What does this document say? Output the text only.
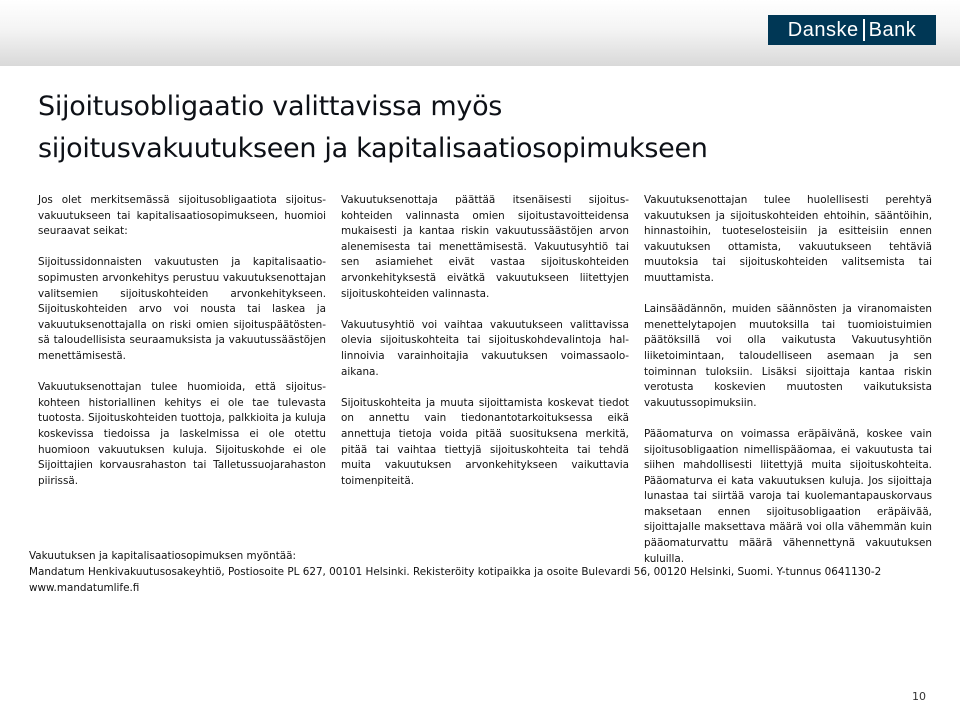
Danske Bank
Sijoitusobligaatio valittavissa myös
sijoitusvakuutukseen ja kapitalisaatiosopimukseen

Jos olet merkitsemässä sijoitusobligaatiota sijoitusvakuutukseen tai kapitalisaatiosopimukseen, huomioi seuraavat seikat:

Sijoitussidonnaisten vakuutusten ja kapitalisaatiosopimusten arvonkehitys perustuu vakuutuksenottajan valitsemien sijoituskohteiden arvonkehitykseen. Sijoituskohteiden arvo voi nousta tai laskea ja vakuutuksenottajalla on riski omien sijoituspäätöstensä taloudellisista seuraamuksista ja vakuutussäästöjen menettämisestä.

Vakuutuksenottajan tulee huomioida, että sijoituskohteen historiallinen kehitys ei ole tae tulevasta tuotosta. Sijoituskohteiden tuottoja, palkkioita ja kuluja koskevissa tiedoissa ja laskelmissa ei ole otettu huomioon vakuutuksen kuluja. Sijoituskohde ei ole Sijoittajien korvausrahaston tai Talletussuojarahaston piirissä.

Vakuutuksenottaja päättää itsenäisesti sijoituskohteiden valinnasta omien sijoitustavoitteidensa mukaisesti ja kantaa riskin vakuutussäästöjen arvon alenemisesta tai menettämisestä. Vakuutusyhtiö tai sen asiamiehet eivät vastaa sijoituskohteiden arvonkehityksestä eivätkä vakuutukseen liitettyjen sijoituskohteiden valinnasta.

Vakuutusyhtiö voi vaihtaa vakuutukseen valittavissa olevia sijoituskohteita tai sijoituskohdevalintoja hallinnoivia varainhoitajia vakuutuksen voimassaoloaikana.

Sijoituskohteita ja muuta sijoittamista koskevat tiedot on annettu vain tiedonantotarkoituksessa eikä annettuja tietoja voida pitää suosituksena merkitä, pitää tai vaihtaa tiettyjä sijoituskohteita tai tehdä muita vakuutuksen arvonkehitykseen vaikuttavia toimenpiteitä.

Vakuutuksenottajan tulee huolellisesti perehtyä vakuutuksen ja sijoituskohteiden ehtoihin, sääntöihin, hinnastoihin, tuoteselosteisiin ja esitteisiin ennen vakuutuksen ottamista, vakuutukseen tehtäviä muutoksia tai sijoituskohteiden valitsemista tai muuttamista.

Lainsäädännön, muiden säännösten ja viranomaisten menettelytapojen muutoksilla tai tuomioistuimien päätöksillä voi olla vaikutusta Vakuutusyhtiön liiketoimintaan, taloudelliseen asemaan ja sen toiminnan tuloksiin. Lisäksi sijoittaja kantaa riskin verotusta koskevien muutosten vaikutuksista vakuutussopimuksiin.

Pääomaturva on voimassa eräpäivänä, koskee vain sijoitusobligaation nimellispääomaa, ei vakuutusta tai siihen mahdollisesti liitettyjä muita sijoituskohteita. Pääomaturva ei kata vakuutuksen kuluja. Jos sijoittaja lunastaa tai siirtää varoja tai kuolemantapauskorvaus maksetaan ennen sijoitusobligaation eräpäivää, sijoittajalle maksettava määrä voi olla vähemmän kuin pääomaturvattu määrä vähennettynä vakuutuksen kuluilla.

Vakuutuksen ja kapitalisaatiosopimuksen myöntää:
Mandatum Henkivakuutusosakeyhtiö, Postiosoite PL 627, 00101 Helsinki. Rekisteröity kotipaikka ja osoite Bulevardi 56, 00120 Helsinki, Suomi. Y-tunnus 0641130-2
www.mandatumlife.fi
10
